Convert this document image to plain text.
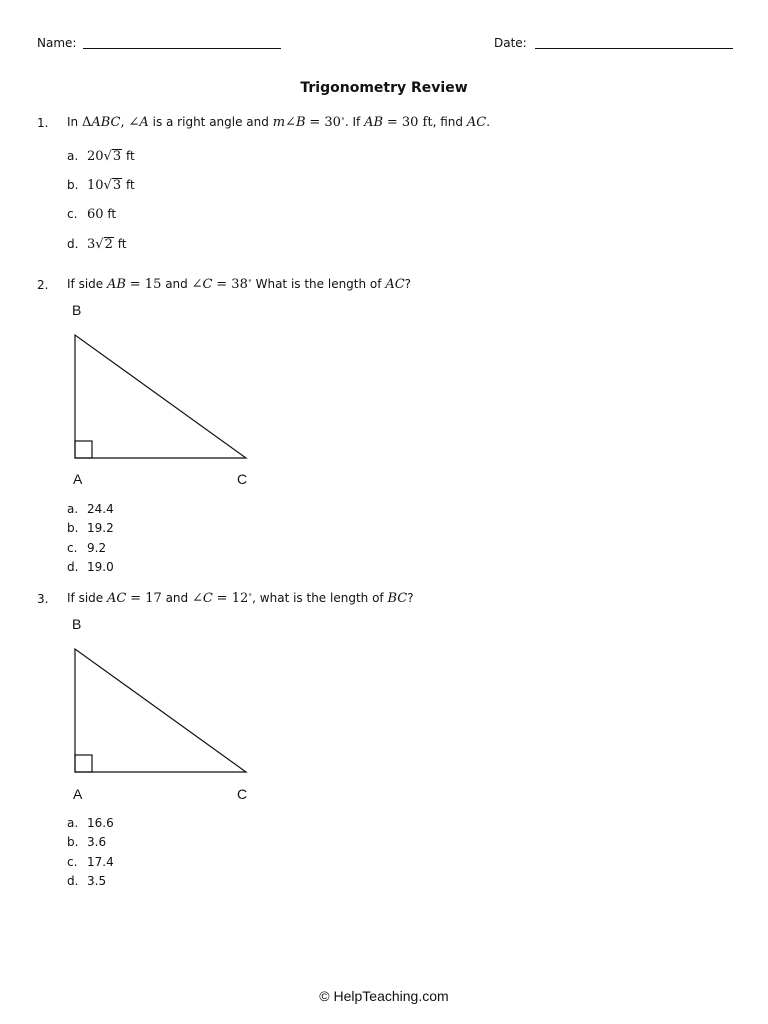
Name:	Date:
Trigonometry Review
1. In ΔABC, ∠A is a right angle and m∠B = 30∘. If AB = 30 ft, find AC.
a. 20√3 ft
b. 10√3 ft
c. 60 ft
d. 3√2 ft
2. If side AB = 15 and ∠C = 38∘ What is the length of AC?
B
A	C
a. 24.4
b. 19.2
c. 9.2
d. 19.0
3. If side AC = 17 and ∠C = 12∘, what is the length of BC?
B
A	C
a. 16.6
b. 3.6
c. 17.4
d. 3.5
© HelpTeaching.com
